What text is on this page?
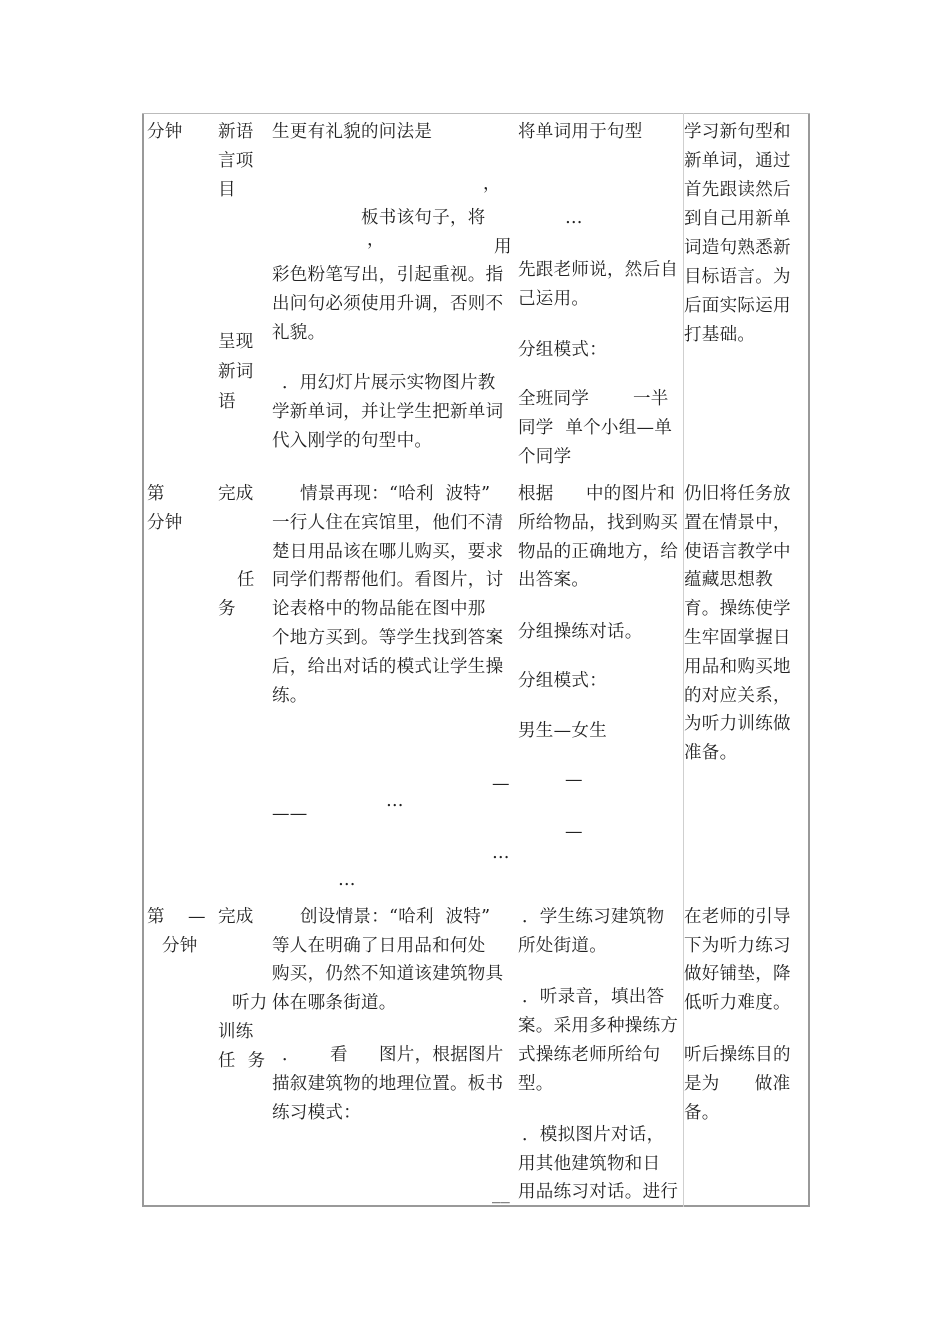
分钟 新语
言项
目
呈现
新词
语
生更有礼貌的问法是
，
板书该句子，将
，	用
彩色粉笔写出，引起重视。指
出问句必须使用升调，否则不
礼貌。
．用幻灯片展示实物图片教
学新单词，并让学生把新单词
代入刚学的句型中。
将单词用于句型
…
先跟老师说，然后自
己运用。
分组模式：
全班同学	一半
同学  单个小组—单
个同学
学习新句型和
新单词，通过
首先跟读然后
到自己用新单
词造句熟悉新
目标语言。为
后面实际运用
打基础。
第
分钟
完成
任
务
情景再现：“哈利  波特”
一行人住在宾馆里，他们不清
楚日用品该在哪儿购买，要求
同学们帮帮他们。看图片，讨
论表格中的物品能在图中那
个地方买到。等学生找到答案
后，给出对话的模式让学生操
练。
—
…
——
…
…
根据 中的图片和
所给物品，找到购买
物品的正确地方，给
出答案。
分组操练对话。
分组模式：
男生—女生
—
—
仍旧将任务放
置在情景中，
使语言教学中
蕴藏思想教
育。操练使学
生牢固掌握日
用品和购买地
的对应关系，
为听力训练做
准备。
第 —
分钟
完成
听力
训练
任  务
创设情景：“哈利  波特”
等人在明确了日用品和何处
购买，仍然不知道该建筑物具
体在哪条街道。
． 看 图片，根据图片
描叙建筑物的地理位置。板书
练习模式：
__
．学生练习建筑物
所处街道。
．听录音，填出答
案。采用多种操练方
式操练老师所给句
型。
．模拟图片对话，
用其他建筑物和日
用品练习对话。进行
在老师的引导
下为听力练习
做好铺垫，降
低听力难度。
听后操练目的
是为      做准
备。
